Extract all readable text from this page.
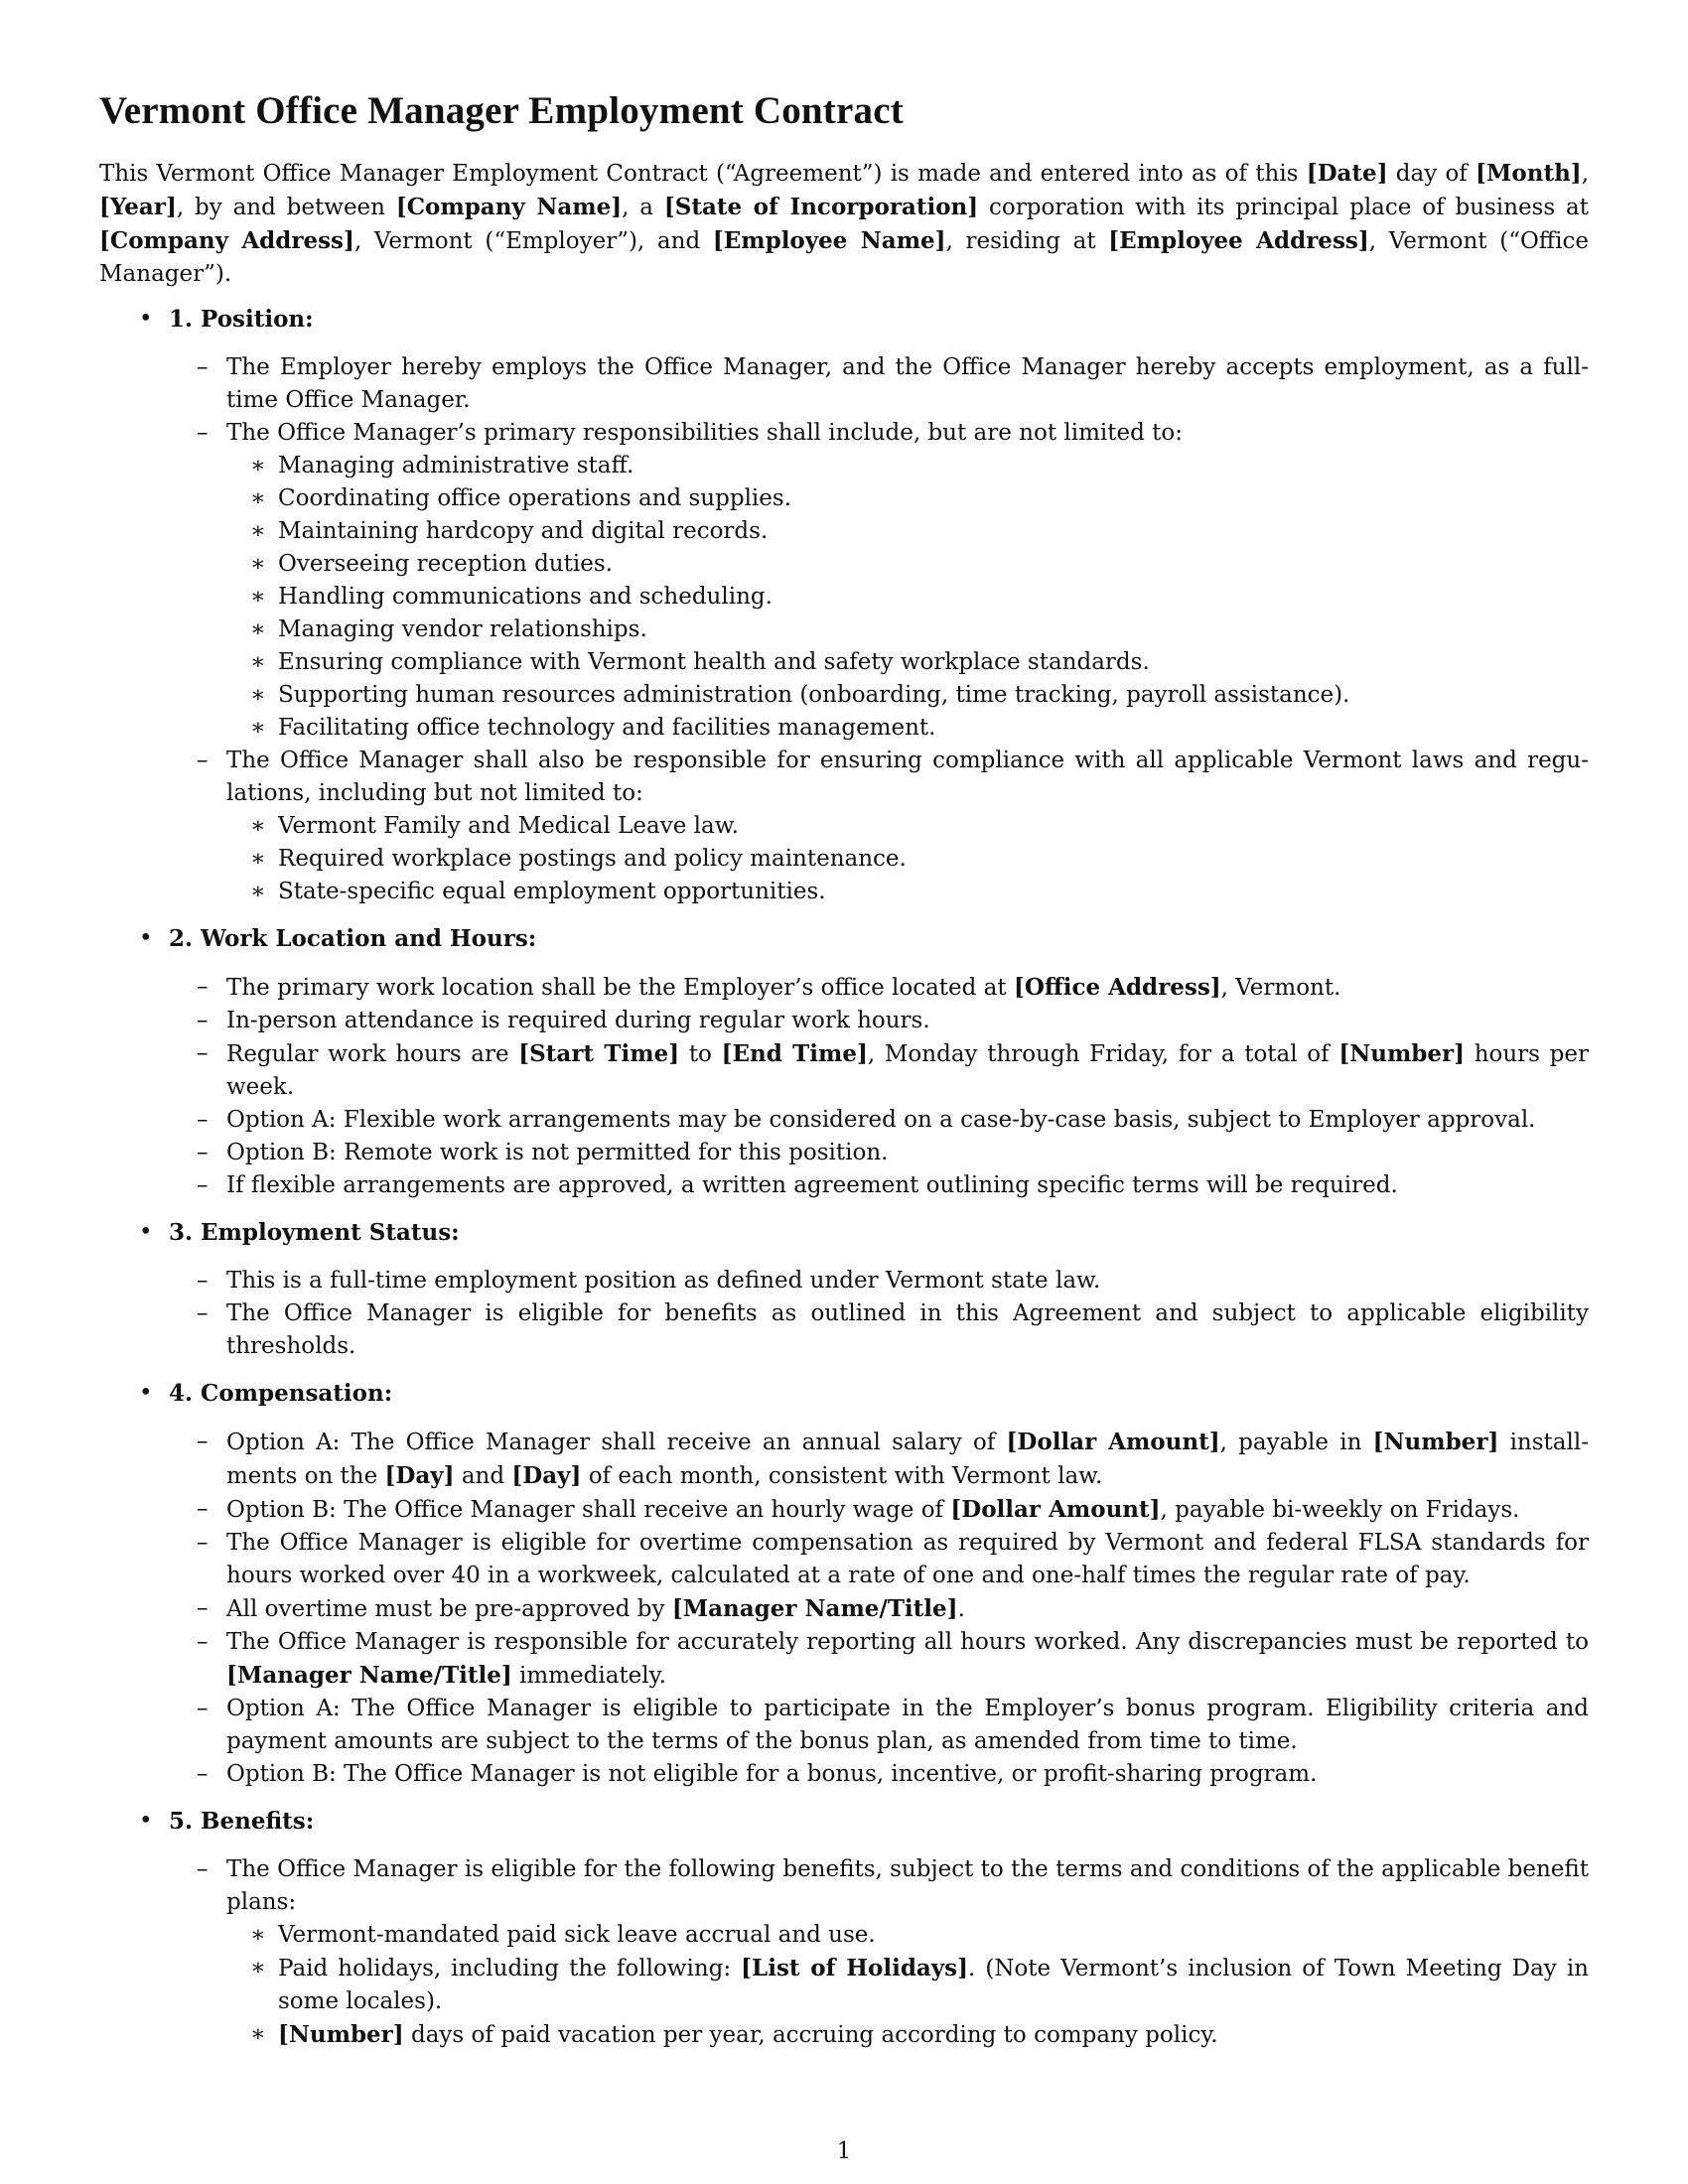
Vermont Office Manager Employment Contract

This Vermont Office Manager Employment Contract (“Agreement”) is made and entered into as of this [Date] day of [Month], [Year], by and between [Company Name], a [State of Incorporation] corporation with its principal place of business at [Company Address], Vermont (“Employer”), and [Employee Name], residing at [Employee Address], Vermont (“Office Manager”).

• 1. Position:
– The Employer hereby employs the Office Manager, and the Office Manager hereby accepts employment, as a full-time Office Manager.
– The Office Manager’s primary responsibilities shall include, but are not limited to:
∗ Managing administrative staff.
∗ Coordinating office operations and supplies.
∗ Maintaining hardcopy and digital records.
∗ Overseeing reception duties.
∗ Handling communications and scheduling.
∗ Managing vendor relationships.
∗ Ensuring compliance with Vermont health and safety workplace standards.
∗ Supporting human resources administration (onboarding, time tracking, payroll assistance).
∗ Facilitating office technology and facilities management.
– The Office Manager shall also be responsible for ensuring compliance with all applicable Vermont laws and regulations, including but not limited to:
∗ Vermont Family and Medical Leave law.
∗ Required workplace postings and policy maintenance.
∗ State-specific equal employment opportunities.
• 2. Work Location and Hours:
– The primary work location shall be the Employer’s office located at [Office Address], Vermont.
– In-person attendance is required during regular work hours.
– Regular work hours are [Start Time] to [End Time], Monday through Friday, for a total of [Number] hours per week.
– Option A: Flexible work arrangements may be considered on a case-by-case basis, subject to Employer approval.
– Option B: Remote work is not permitted for this position.
– If flexible arrangements are approved, a written agreement outlining specific terms will be required.
• 3. Employment Status:
– This is a full-time employment position as defined under Vermont state law.
– The Office Manager is eligible for benefits as outlined in this Agreement and subject to applicable eligibility thresholds.
• 4. Compensation:
– Option A: The Office Manager shall receive an annual salary of [Dollar Amount], payable in [Number] installments on the [Day] and [Day] of each month, consistent with Vermont law.
– Option B: The Office Manager shall receive an hourly wage of [Dollar Amount], payable bi-weekly on Fridays.
– The Office Manager is eligible for overtime compensation as required by Vermont and federal FLSA standards for hours worked over 40 in a workweek, calculated at a rate of one and one-half times the regular rate of pay.
– All overtime must be pre-approved by [Manager Name/Title].
– The Office Manager is responsible for accurately reporting all hours worked. Any discrepancies must be reported to [Manager Name/Title] immediately.
– Option A: The Office Manager is eligible to participate in the Employer’s bonus program. Eligibility criteria and payment amounts are subject to the terms of the bonus plan, as amended from time to time.
– Option B: The Office Manager is not eligible for a bonus, incentive, or profit-sharing program.
• 5. Benefits:
– The Office Manager is eligible for the following benefits, subject to the terms and conditions of the applicable benefit plans:
∗ Vermont-mandated paid sick leave accrual and use.
∗ Paid holidays, including the following: [List of Holidays]. (Note Vermont’s inclusion of Town Meeting Day in some locales).
∗ [Number] days of paid vacation per year, accruing according to company policy.
1
